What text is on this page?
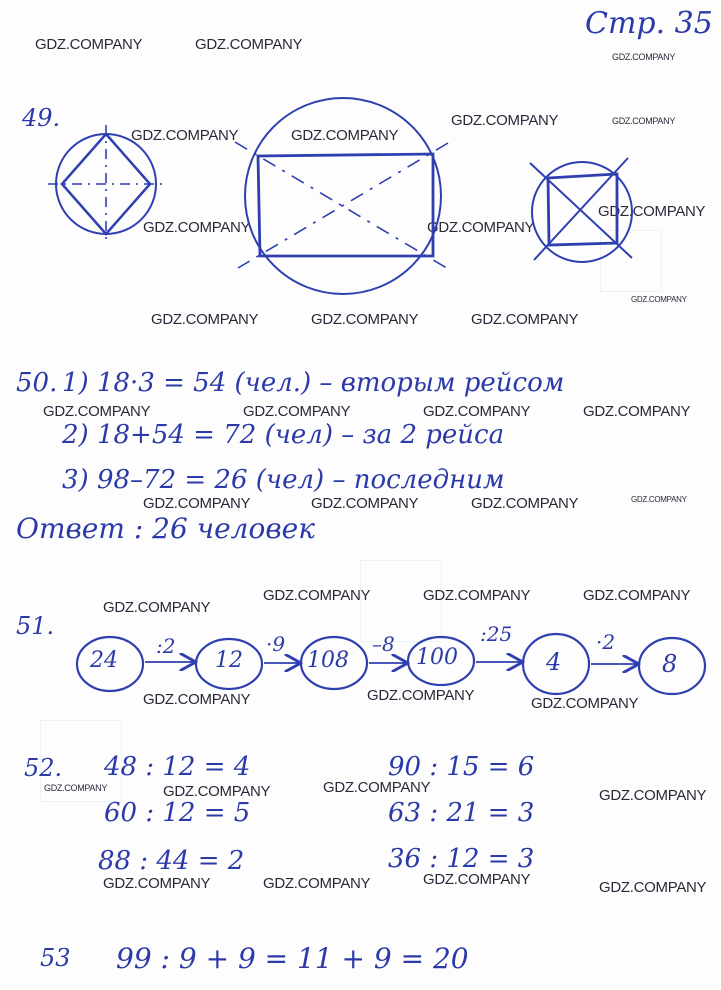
Стр. 35
GDZ.COMPANY	GDZ.COMPANY
GDZ.COMPANY
GDZ.COMPANY	GDZ.COMPANY
GDZ.COMPANY	GDZ.COMPANY
GDZ.COMPANY	GDZ.COMPANY
GDZ.COMPANY
GDZ.COMPANY
GDZ.COMPANY	GDZ.COMPANY	GDZ.COMPANY
GDZ.COMPANY	GDZ.COMPANY	GDZ.COMPANY	GDZ.COMPANY
GDZ.COMPANY	GDZ.COMPANY	GDZ.COMPANY	GDZ.COMPANY
GDZ.COMPANY
GDZ.COMPANY	GDZ.COMPANY	GDZ.COMPANY
GDZ.COMPANY	GDZ.COMPANY	GDZ.COMPANY
GDZ.COMPANY	GDZ.COMPANY	GDZ.COMPANY	GDZ.COMPANY
GDZ.COMPANY	GDZ.COMPANY	GDZ.COMPANY	GDZ.COMPANY
49.
50. 1) 18·3 = 54 (чел.) – вторым рейсом
2) 18+54 = 72 (чел) – за 2 рейса
3) 98–72 = 26 (чел) – последним
Ответ : 26 человек
51.
24	12	108	100	4	8
:2	·9	–8	:25	·2
52. 48 : 12 = 4
60 : 12 = 5
88 : 44 = 2
90 : 15 = 6
63 : 21 = 3
36 : 12 = 3
53 99 : 9 + 9 = 11 + 9 = 20
